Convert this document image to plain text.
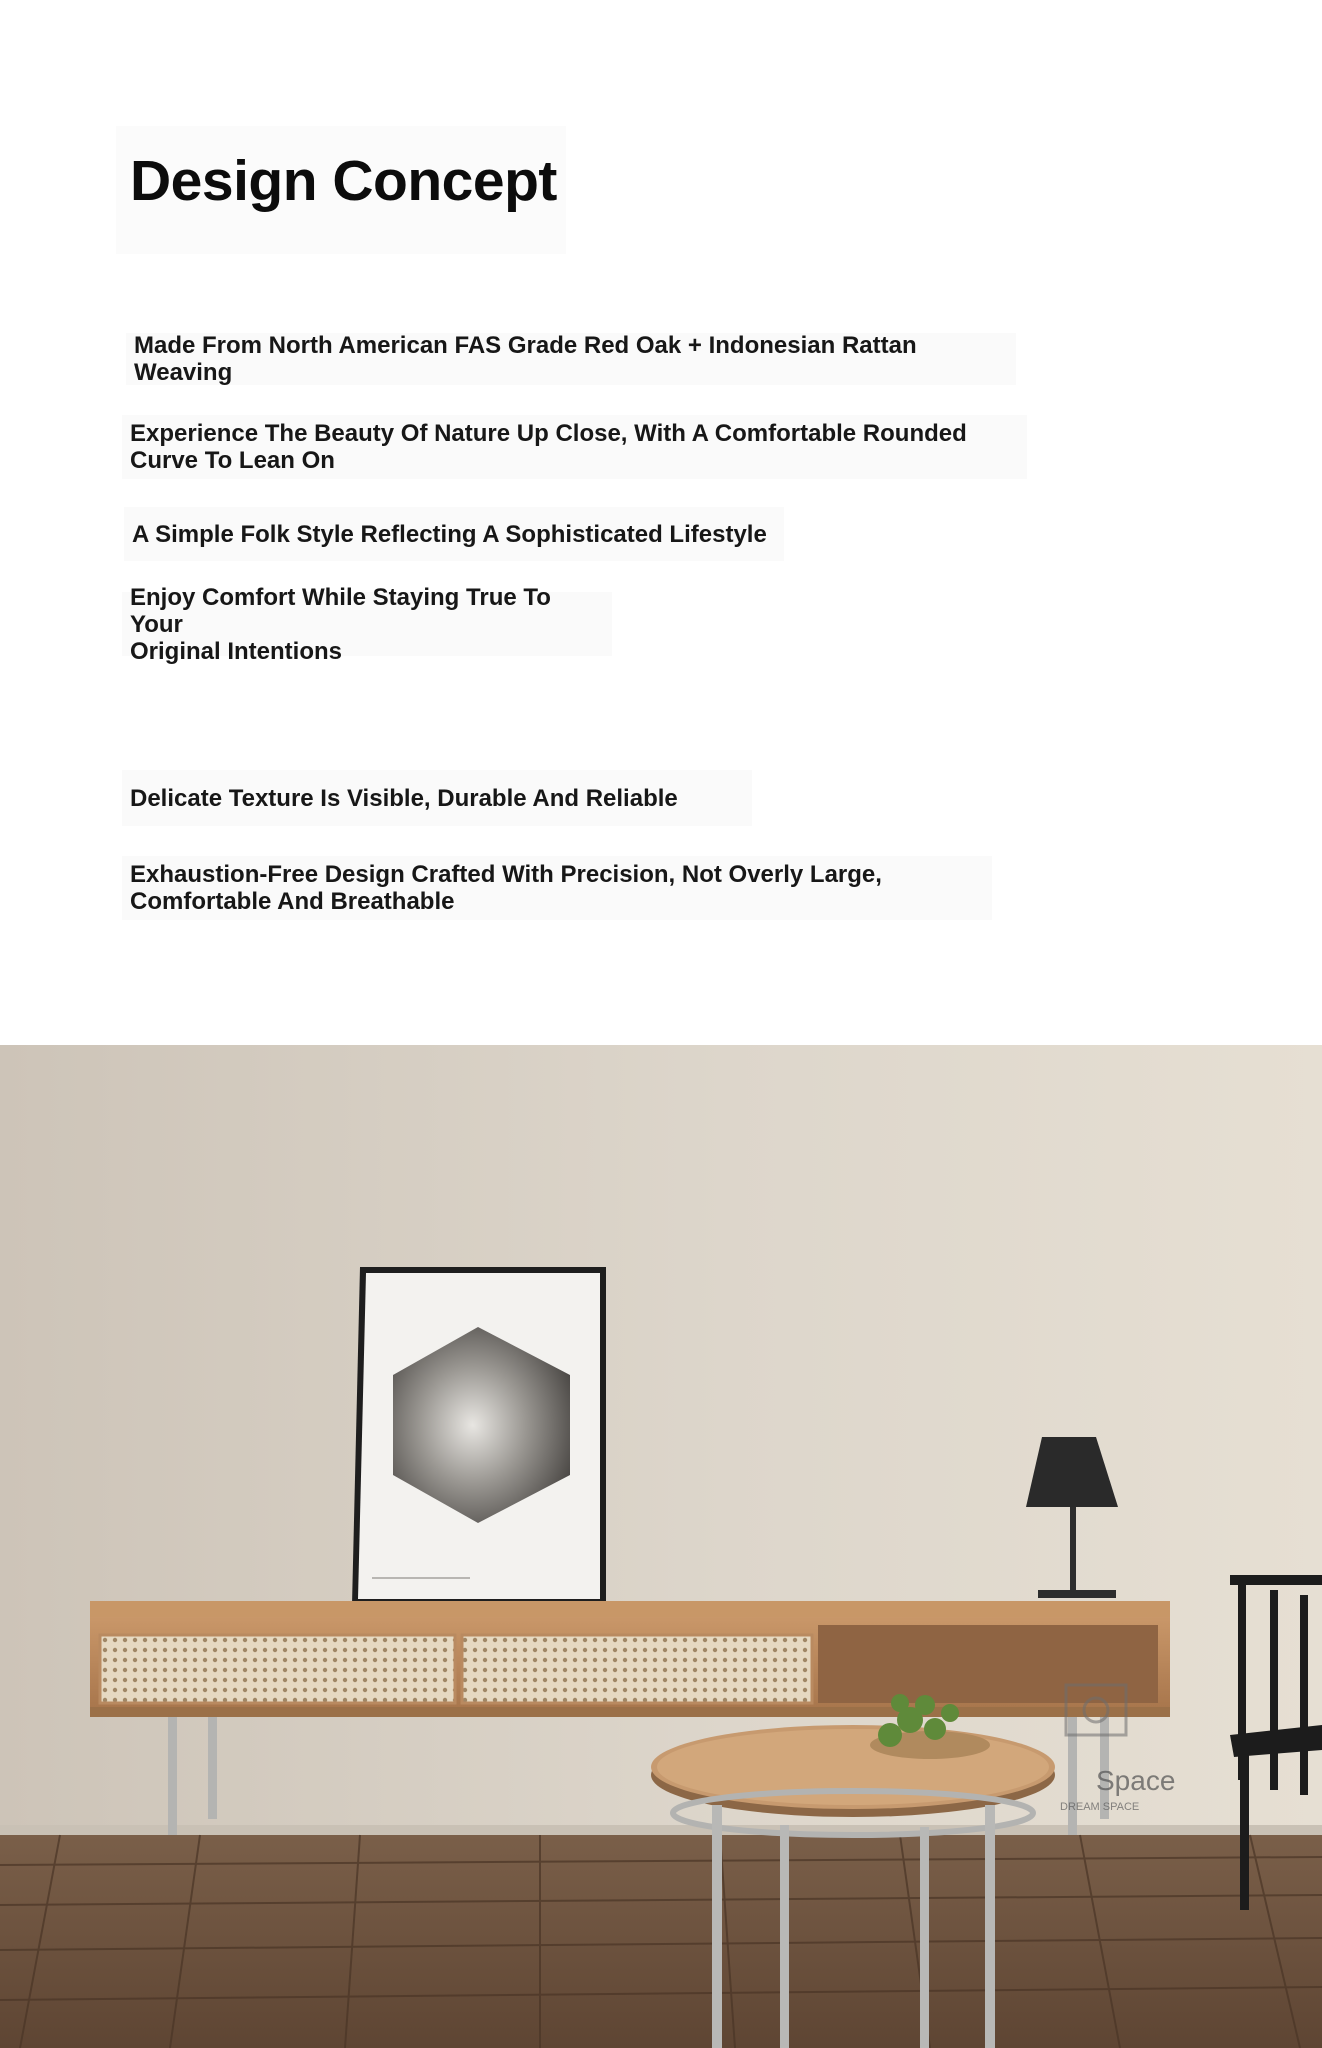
Design Concept
Made From North American FAS Grade Red Oak + Indonesian Rattan Weaving
Experience The Beauty Of Nature Up Close, With A Comfortable Rounded
Curve To Lean On
A Simple Folk Style Reflecting A Sophisticated Lifestyle
Enjoy Comfort While Staying True To Your
Original Intentions
Delicate Texture Is Visible, Durable And Reliable
Exhaustion-Free Design Crafted With Precision, Not Overly Large,
Comfortable And Breathable
Space
DREAM SPACE
